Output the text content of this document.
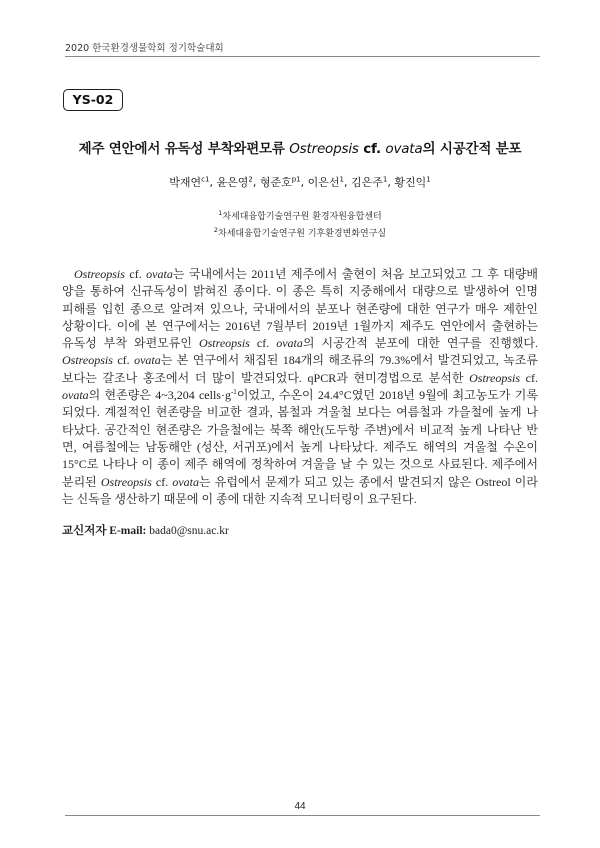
2020 한국환경생물학회 정기학술대회
YS-02
제주 연안에서 유독성 부착와편모류 Ostreopsis cf. ovata의 시공간적 분포
박재연$^{c1}$, 윤은영$^2$, 형준호$^{p1}$, 이은선$^1$, 김은주$^1$, 황진익$^1$
$^1$차세대융합기술연구원 환경자원융합센터
$^2$차세대융합기술연구원 기후환경변화연구실
Ostreopsis cf. ovata는 국내에서는 2011년 제주에서 출현이 처음 보고되었고 그 후 대량배
양을 통하여 신규독성이 밝혀진 종이다. 이 종은 특히 지중해에서 대량으로 발생하여 인명
피해를 입힌 종으로 알려져 있으나, 국내에서의 분포나 현존량에 대한 연구가 매우 제한인
상황이다. 이에 본 연구에서는 2016년 7월부터 2019년 1월까지 제주도 연안에서 출현하는
유독성 부착 와편모류인 Ostreopsis cf. ovata의 시공간적 분포에 대한 연구를 진행했다.
Ostreopsis cf. ovata는 본 연구에서 채집된 184개의 해조류의 79.3%에서 발견되었고, 녹조류
보다는 갈조나 홍조에서 더 많이 발견되었다. qPCR과 현미경법으로 분석한 Ostreopsis cf.
ovata의 현존량은 4~3,204 $cells\cdot g^{-1}$이었고, 수온이 24.4°C였던 2018년 9월에 최고농도가 기록
되었다. 계절적인 현존량을 비교한 결과, 봄철과 겨울철 보다는 여름철과 가을철에 높게 나
타났다. 공간적인 현존량은 가을철에는 북쪽 해안(도두항 주변)에서 비교적 높게 나타난 반
면, 여름철에는 남동해안 (성산, 서귀포)에서 높게 나타났다. 제주도 해역의 겨울철 수온이
15°C로 나타나 이 종이 제주 해역에 정착하여 겨울을 날 수 있는 것으로 사료된다. 제주에서
분리된 Ostreopsis cf. ovata는 유럽에서 문제가 되고 있는 종에서 발견되지 않은 Ostreol 이라
는 신독을 생산하기 때문에 이 종에 대한 지속적 모니터링이 요구된다.
교신저자 E-mail: bada0@snu.ac.kr
44
